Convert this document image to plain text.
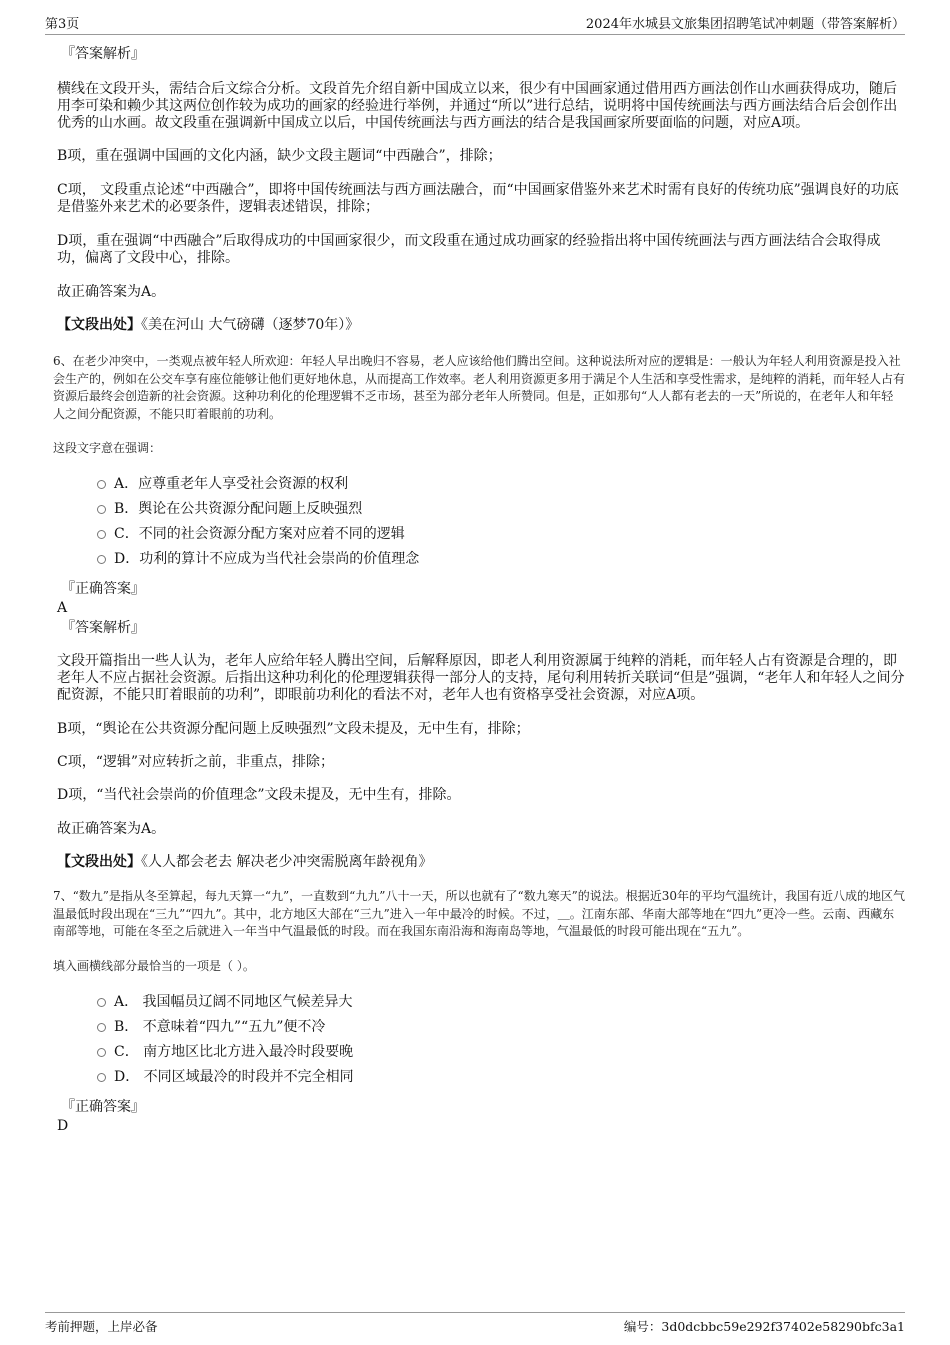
第3页	2024年水城县文旅集团招聘笔试冲刺题（带答案解析）

『答案解析』

横线在文段开头，需结合后文综合分析。文段首先介绍自新中国成立以来，很少有中国画家通过借用西方画法创作山水画获得成功，随后用李可染和赖少其这两位创作较为成功的画家的经验进行举例，并通过“所以”进行总结，说明将中国传统画法与西方画法结合后会创作出优秀的山水画。故文段重在强调新中国成立以后，中国传统画法与西方画法的结合是我国画家所要面临的问题，对应A项。

B项，重在强调中国画的文化内涵，缺少文段主题词“中西融合”，排除；

C项， 文段重点论述“中西融合”，即将中国传统画法与西方画法融合，而“中国画家借鉴外来艺术时需有良好的传统功底”强调良好的功底是借鉴外来艺术的必要条件，逻辑表述错误，排除；

D项，重在强调“中西融合”后取得成功的中国画家很少，而文段重在通过成功画家的经验指出将中国传统画法与西方画法结合会取得成功，偏离了文段中心，排除。

故正确答案为A。

【文段出处】《美在河山 大气磅礴（逐梦70年）》

6、在老少冲突中，一类观点被年轻人所欢迎：年轻人早出晚归不容易，老人应该给他们腾出空间。这种说法所对应的逻辑是：一般认为年轻人利用资源是投入社会生产的，例如在公交车享有座位能够让他们更好地休息，从而提高工作效率。老人利用资源更多用于满足个人生活和享受性需求，是纯粹的消耗，而年轻人占有资源后最终会创造新的社会资源。这种功利化的伦理逻辑不乏市场，甚至为部分老年人所赞同。但是，正如那句“人人都有老去的一天”所说的，在老年人和年轻人之间分配资源，不能只盯着眼前的功利。

这段文字意在强调：

A．应尊重老年人享受社会资源的权利
B．舆论在公共资源分配问题上反映强烈
C．不同的社会资源分配方案对应着不同的逻辑
D．功利的算计不应成为当代社会崇尚的价值理念

『正确答案』

A

『答案解析』

文段开篇指出一些人认为，老年人应给年轻人腾出空间，后解释原因，即老人利用资源属于纯粹的消耗，而年轻人占有资源是合理的，即老年人不应占据社会资源。后指出这种功利化的伦理逻辑获得一部分人的支持，尾句利用转折关联词“但是”强调，“老年人和年轻人之间分配资源，不能只盯着眼前的功利”，即眼前功利化的看法不对，老年人也有资格享受社会资源，对应A项。

B项，“舆论在公共资源分配问题上反映强烈”文段未提及，无中生有，排除；

C项，“逻辑”对应转折之前，非重点，排除；

D项，“当代社会崇尚的价值理念”文段未提及，无中生有，排除。

故正确答案为A。

【文段出处】《人人都会老去 解决老少冲突需脱离年龄视角》

7、“数九”是指从冬至算起，每九天算一“九”，一直数到“九九”八十一天，所以也就有了“数九寒天”的说法。根据近30年的平均气温统计，我国有近八成的地区气温最低时段出现在“三九”“四九”。其中，北方地区大部在“三九”进入一年中最冷的时候。不过，＿。江南东部、华南大部等地在“四九”更冷一些。云南、西藏东南部等地，可能在冬至之后就进入一年当中气温最低的时段。而在我国东南沿海和海南岛等地，气温最低的时段可能出现在“五九”。

填入画横线部分最恰当的一项是（ ）。

A． 我国幅员辽阔不同地区气候差异大
B． 不意味着“四九”“五九”便不冷
C． 南方地区比北方进入最冷时段要晚
D． 不同区域最冷的时段并不完全相同

『正确答案』

D

考前押题，上岸必备	编号：3d0dcbbc59e292f37402e58290bfc3a1
